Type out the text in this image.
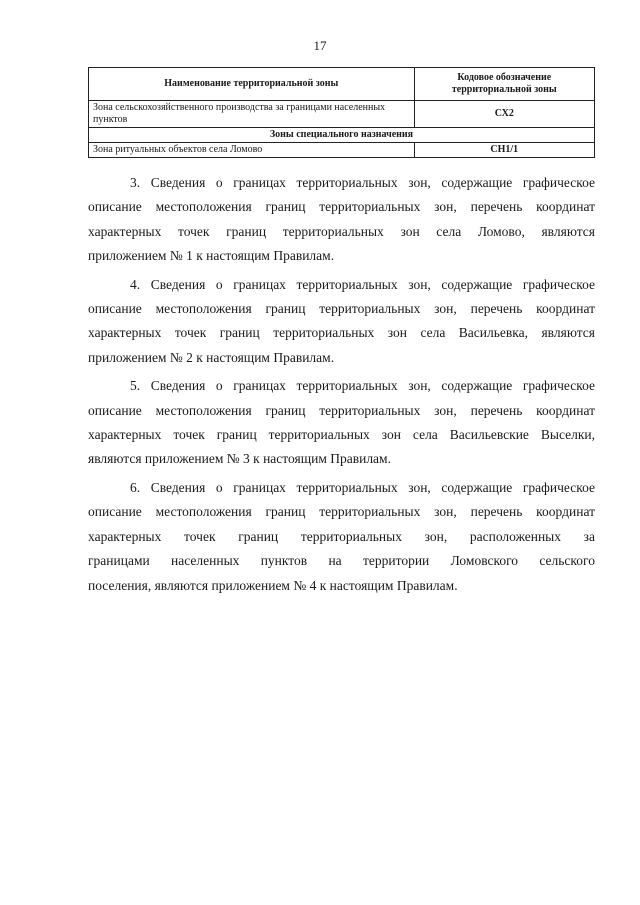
17
Наименование территориальной зоны	Кодовое обозначение территориальной зоны
Зона сельскохозяйственного производства за границами населенных пунктов	СХ2
Зоны специального назначения	
Зона ритуальных объектов села Ломово	СН1/1

3. Сведения о границах территориальных зон, содержащие графическое
описание местоположения границ территориальных зон, перечень координат
характерных точек границ территориальных зон села Ломово, являются
приложением № 1 к настоящим Правилам.

4. Сведения о границах территориальных зон, содержащие графическое
описание местоположения границ территориальных зон, перечень координат
характерных точек границ территориальных зон села Васильевка, являются
приложением № 2 к настоящим Правилам.

5. Сведения о границах территориальных зон, содержащие графическое
описание местоположения границ территориальных зон, перечень координат
характерных точек границ территориальных зон села Васильевские Выселки,
являются приложением № 3 к настоящим Правилам.

6. Сведения о границах территориальных зон, содержащие графическое
описание местоположения границ территориальных зон, перечень координат
характерных точек границ территориальных зон, расположенных за
границами населенных пунктов на территории Ломовского сельского
поселения, являются приложением № 4 к настоящим Правилам.
